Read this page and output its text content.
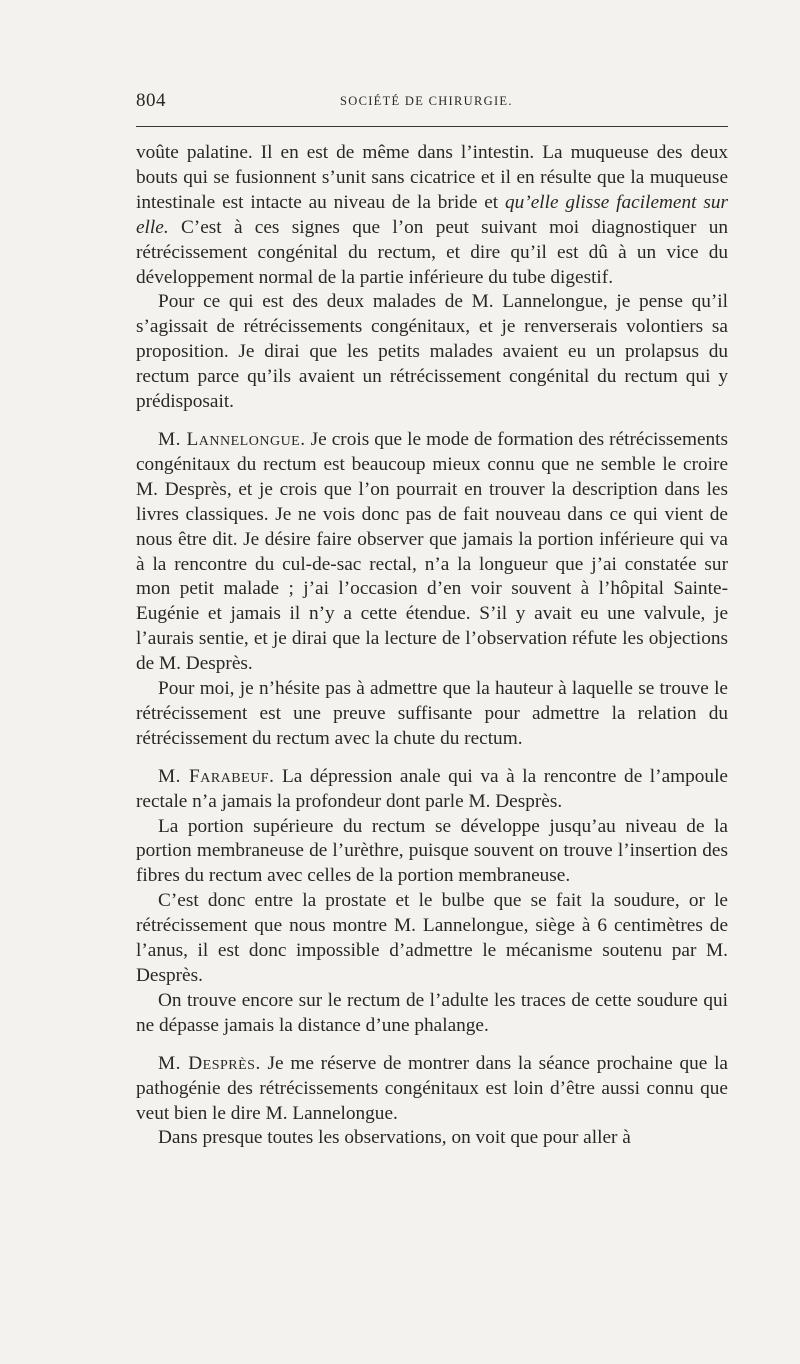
804	SOCIÉTÉ DE CHIRURGIE.

voûte palatine. Il en est de même dans l’intestin. La muqueuse des deux bouts qui se fusionnent s’unit sans cicatrice et il en résulte que la muqueuse intestinale est intacte au niveau de la bride et qu’elle glisse facilement sur elle. C’est à ces signes que l’on peut suivant moi diagnostiquer un rétrécissement congénital du rectum, et dire qu’il est dû à un vice du développement normal de la partie inférieure du tube digestif.

Pour ce qui est des deux malades de M. Lannelongue, je pense qu’il s’agissait de rétrécissements congénitaux, et je renverserais volontiers sa proposition. Je dirai que les petits malades avaient eu un prolapsus du rectum parce qu’ils avaient un rétrécissement congénital du rectum qui y prédisposait.

M. Lannelongue. Je crois que le mode de formation des rétrécissements congénitaux du rectum est beaucoup mieux connu que ne semble le croire M. Desprès, et je crois que l’on pourrait en trouver la description dans les livres classiques. Je ne vois donc pas de fait nouveau dans ce qui vient de nous être dit. Je désire faire observer que jamais la portion inférieure qui va à la rencontre du cul-de-sac rectal, n’a la longueur que j’ai constatée sur mon petit malade ; j’ai l’occasion d’en voir souvent à l’hôpital Sainte-Eugénie et jamais il n’y a cette étendue. S’il y avait eu une valvule, je l’aurais sentie, et je dirai que la lecture de l’observation réfute les objections de M. Desprès.

Pour moi, je n’hésite pas à admettre que la hauteur à laquelle se trouve le rétrécissement est une preuve suffisante pour admettre la relation du rétrécissement du rectum avec la chute du rectum.

M. Farabeuf. La dépression anale qui va à la rencontre de l’ampoule rectale n’a jamais la profondeur dont parle M. Desprès.

La portion supérieure du rectum se développe jusqu’au niveau de la portion membraneuse de l’urèthre, puisque souvent on trouve l’insertion des fibres du rectum avec celles de la portion membraneuse.

C’est donc entre la prostate et le bulbe que se fait la soudure, or le rétrécissement que nous montre M. Lannelongue, siège à 6 centimètres de l’anus, il est donc impossible d’admettre le mécanisme soutenu par M. Desprès.

On trouve encore sur le rectum de l’adulte les traces de cette soudure qui ne dépasse jamais la distance d’une phalange.

M. Desprès. Je me réserve de montrer dans la séance prochaine que la pathogénie des rétrécissements congénitaux est loin d’être aussi connu que veut bien le dire M. Lannelongue.

Dans presque toutes les observations, on voit que pour aller à
